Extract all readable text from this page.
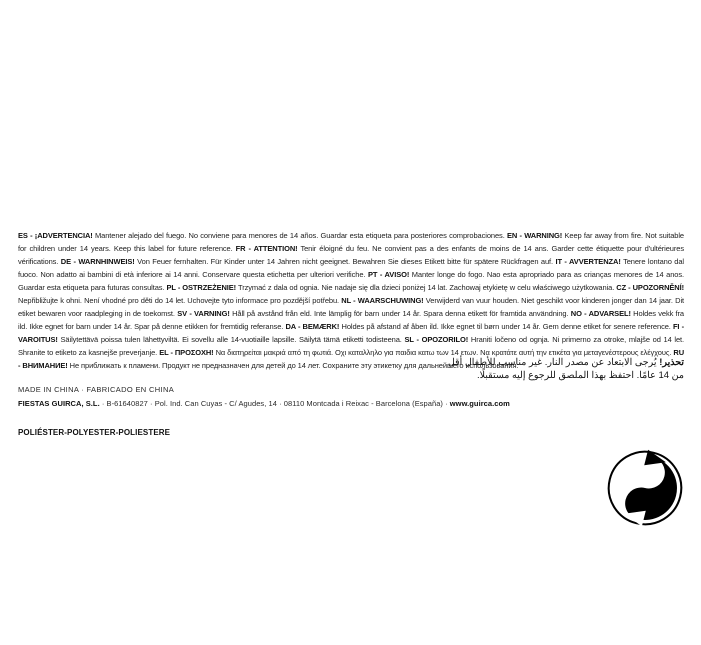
ES - ¡ADVERTENCIA! Mantener alejado del fuego. No conviene para menores de 14 años. Guardar esta etiqueta para posteriores comprobaciones. EN - WARNING! Keep far away from fire. Not suitable for children under 14 years. Keep this label for future reference. FR - ATTENTION! Tenir éloigné du feu. Ne convient pas a des enfants de moins de 14 ans. Garder cette étiquette pour d'ultérieures vérifications. DE - WARNHINWEIS! Von Feuer fernhalten. Für Kinder unter 14 Jahren nicht geeignet. Bewahren Sie dieses Etikett bitte für spätere Rückfragen auf. IT - AVVERTENZA! Tenere lontano dal fuoco. Non adatto ai bambini di età inferiore ai 14 anni. Conservare questa etichetta per ulteriori verifiche. PT - AVISO! Manter longe do fogo. Nao esta apropriado para as crianças menores de 14 anos. Guardar esta etiqueta para futuras consultas. PL - OSTRZEŻENIE! Trzymać z dala od ognia. Nie nadaje się dla dzieci poniżej 14 lat. Zachowaj etykietę w celu właściwego użytkowania. CZ - UPOZORNĚNÍ! Nepřibližujte k ohni. Není vhodné pro děti do 14 let. Uchovejte tyto informace pro pozdější potřebu. NL - WAARSCHUWING! Verwijderd van vuur houden. Niet geschikt voor kinderen jonger dan 14 jaar. Dit etiket bewaren voor raadpleging in de toekomst. SV - VARNING! Håll på avstånd från eld. Inte lämplig för barn under 14 år. Spara denna etikett för framtida användning. NO - ADVARSEL! Holdes vekk fra ild. Ikke egnet for barn under 14 år. Spar på denne etikken for fremtidig referanse. DA - BEMÆRK! Holdes på afstand af åben ild. Ikke egnet til børn under 14 år. Gem denne etiket for senere reference. FI - VAROITUS! Säilytettävä poissa tulen lähettyviltä. Ei sovellu alle 14-vuotiaille lapsille. Säilytä tämä etiketti todisteena. SL - OPOZORILO! Hraniti ločeno od ognja. Ni primerno za otroke, mlajše od 14 let. Shranite to etiketo za kasnejše preverjanje. EL - ΠΡΟΣΟΧΗ! Να διατηρείται μακριά από τη φωτιά. Οχι καταλληλο για παιδια κατω των 14 ετων. Να κρατάτε αυτή την ετικέτα για μεταγενέστερους ελέγχους. RU - ВНИМАНИЕ! Не приближать к пламени. Продукт не предназначен для детей до 14 лет. Сохраните эту этикетку для дальнейшего использования.	تحذير! يُرجى الابتعاد عن مصدر النار. غير مناسب للأطفال أقل
من 14 عامًا. احتفظ بهذا الملصق للرجوع إليه مستقبلًا.
MADE IN CHINA · FABRICADO EN CHINA
FIESTAS GUIRCA, S.L. · B-61640827 · Pol. Ind. Can Cuyas - C/ Agudes, 14 · 08110 Montcada i Reixac - Barcelona (España) · www.guirca.com
POLIÉSTER-POLYESTER-POLIESTERE
